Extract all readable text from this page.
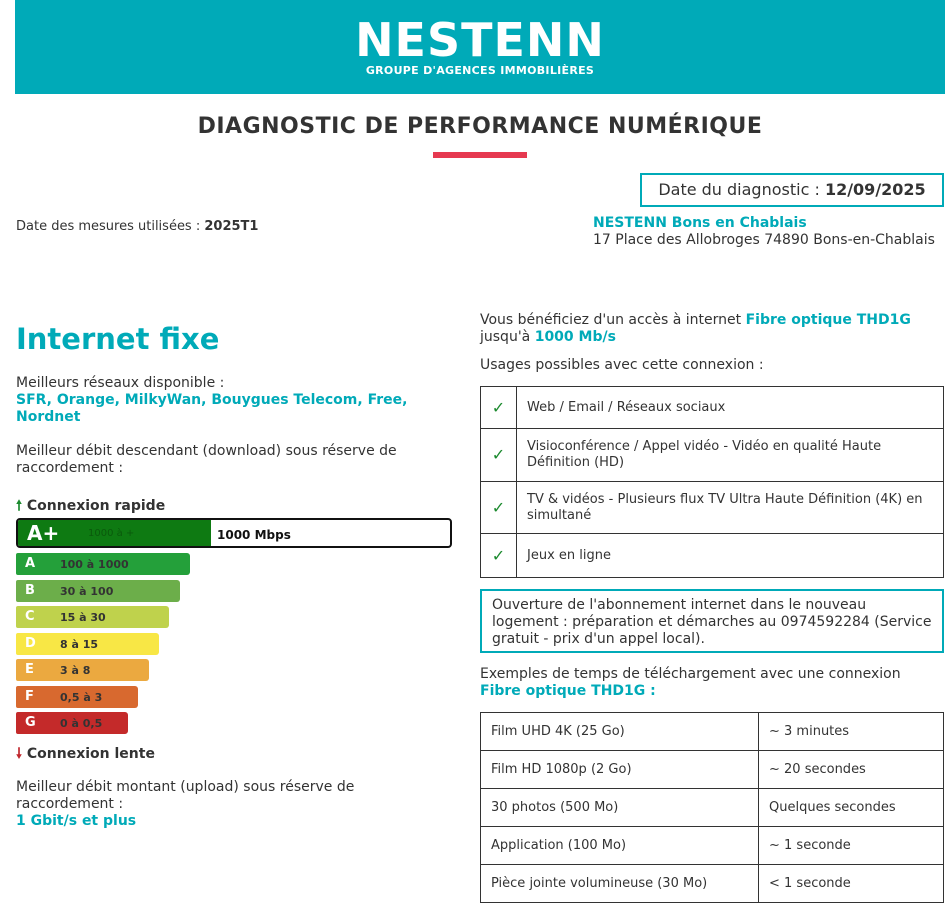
NESTENN
GROUPE D'AGENCES IMMOBILIÈRES
DIAGNOSTIC DE PERFORMANCE NUMÉRIQUE
Date du diagnostic : 12/09/2025
Date des mesures utilisées : 2025T1	NESTENN Bons en Chablais
17 Place des Allobroges 74890 Bons-en-Chablais
Internet fixe
Meilleurs réseaux disponible :
SFR, Orange, MilkyWan, Bouygues Telecom, Free, Nordnet
Meilleur débit descendant (download) sous réserve de raccordement :
🠕 Connexion rapide
A+	1000 à +	1000 Mbps
A 100 à 1000
B 30 à 100
C 15 à 30
D 8 à 15
E 3 à 8
F 0,5 à 3
G 0 à 0,5
🠗 Connexion lente
Meilleur débit montant (upload) sous réserve de raccordement :
1 Gbit/s et plus
Vous bénéficiez d'un accès à internet Fibre optique THD1G
jusqu'à 1000 Mb/s
Usages possibles avec cette connexion :
✓	Web / Email / Réseaux sociaux
✓	Visioconférence / Appel vidéo - Vidéo en qualité Haute Définition (HD)
✓	TV & vidéos - Plusieurs flux TV Ultra Haute Définition (4K) en simultané
✓	Jeux en ligne
Ouverture de l'abonnement internet dans le nouveau logement : préparation et démarches au 0974592284 (Service gratuit - prix d'un appel local).
Exemples de temps de téléchargement avec une connexion
Fibre optique THD1G :
Film UHD 4K (25 Go)	~ 3 minutes
Film HD 1080p (2 Go)	~ 20 secondes
30 photos (500 Mo)	Quelques secondes
Application (100 Mo)	~ 1 seconde
Pièce jointe volumineuse (30 Mo)	< 1 seconde
